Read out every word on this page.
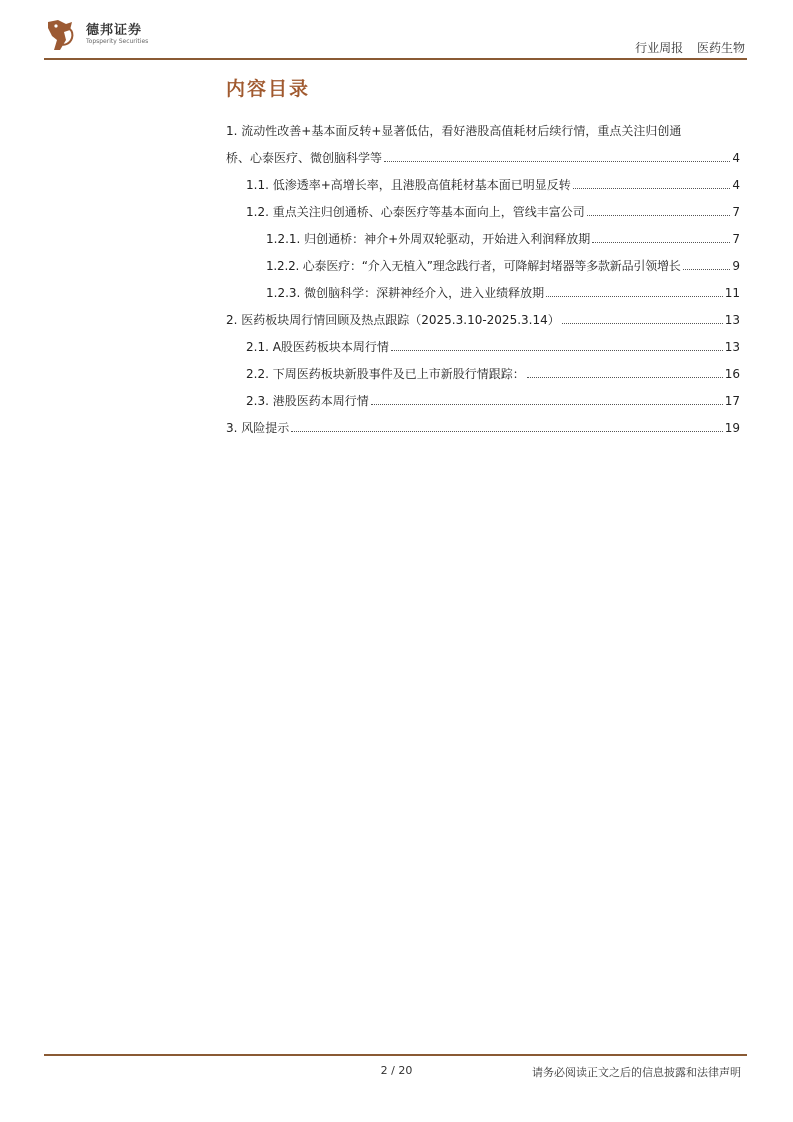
德邦证券
Topsperity Securities	行业周报 医药生物
内容目录
1. 流动性改善+基本面反转+显著低估，看好港股高值耗材后续行情，重点关注归创通
桥、心泰医疗、微创脑科学等	4
1.1. 低渗透率+高增长率，且港股高值耗材基本面已明显反转	4
1.2. 重点关注归创通桥、心泰医疗等基本面向上，管线丰富公司	7
1.2.1. 归创通桥：神介+外周双轮驱动，开始进入利润释放期	7
1.2.2. 心泰医疗：“介入无植入”理念践行者，可降解封堵器等多款新品引领增长	9
1.2.3. 微创脑科学：深耕神经介入，进入业绩释放期	11
2. 医药板块周行情回顾及热点跟踪（2025.3.10-2025.3.14）	13
2.1. A股医药板块本周行情	13
2.2. 下周医药板块新股事件及已上市新股行情跟踪：	16
2.3. 港股医药本周行情	17
3. 风险提示	19
2 / 20	请务必阅读正文之后的信息披露和法律声明
